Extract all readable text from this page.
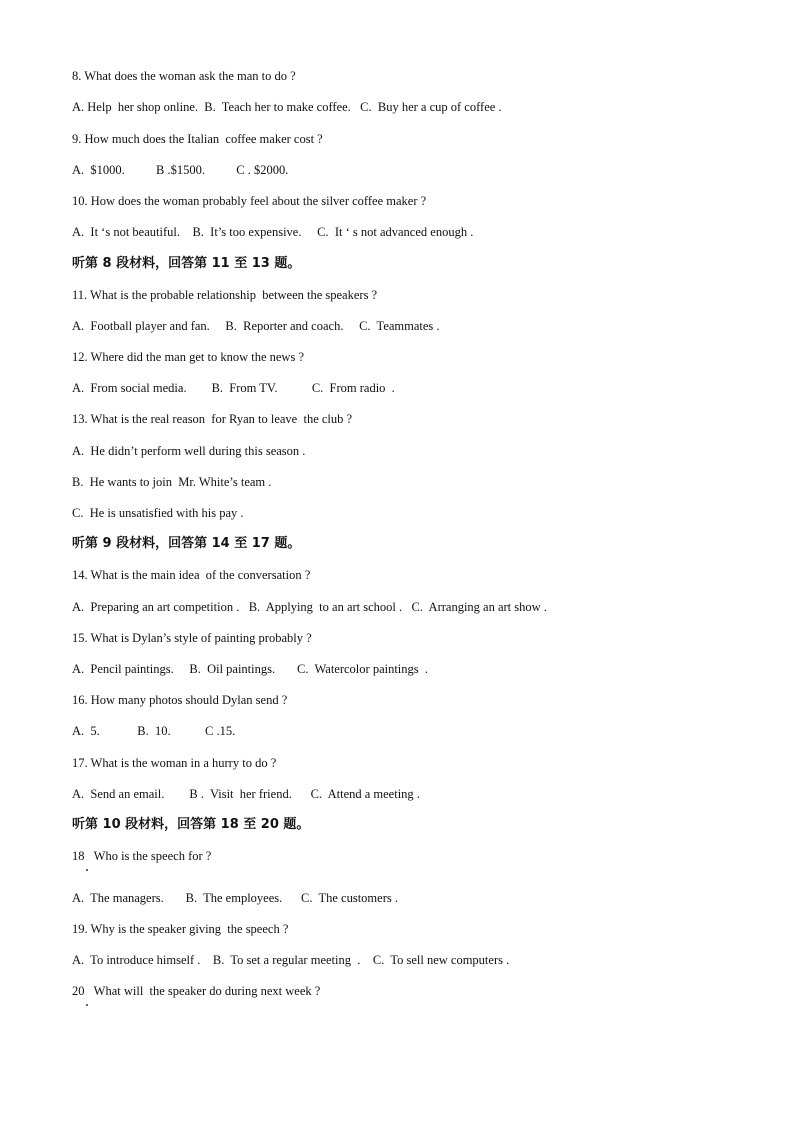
8. What does the woman ask the man to do ?
A. Help  her shop online.  B.  Teach her to make coffee.   C.  Buy her a cup of coffee .
9. How much does the Italian  coffee maker cost ?
A.  $1000.          B .$1500.          C . $2000.
10. How does the woman probably feel about the silver coffee maker ?
A.  It ‘s not beautiful.    B.  It’s too expensive.     C.  It ‘ s not advanced enough .
听第 8 段材料，回答第 11 至 13 题。
11. What is the probable relationship  between the speakers ?
A.  Football player and fan.     B.  Reporter and coach.     C.  Teammates .
12. Where did the man get to know the news ?
A.  From social media.        B.  From TV.           C.  From radio  .
13. What is the real reason  for Ryan to leave  the club ?
A.  He didn’t perform well during this season .
B.  He wants to join  Mr. White’s team .
C.  He is unsatisfied with his pay .
听第 9 段材料，回答第 14 至 17 题。
14. What is the main idea  of the conversation ?
A.  Preparing an art competition .   B.  Applying  to an art school .   C.  Arranging an art show .
15. What is Dylan’s style of painting probably ?
A.  Pencil paintings.     B.  Oil paintings.       C.  Watercolor paintings  .
16. How many photos should Dylan send ?
A.  5.            B.  10.           C .15.
17. What is the woman in a hurry to do ?
A.  Send an email.        B .  Visit  her friend.      C.  Attend a meeting .
听第 10 段材料，回答第 18 至 20 题。
18   Who is the speech for ?
A.  The managers.       B.  The employees.      C.  The customers .
19. Why is the speaker giving  the speech ?
A.  To introduce himself .    B.  To set a regular meeting  .    C.  To sell new computers .
20   What will  the speaker do during next week ?
